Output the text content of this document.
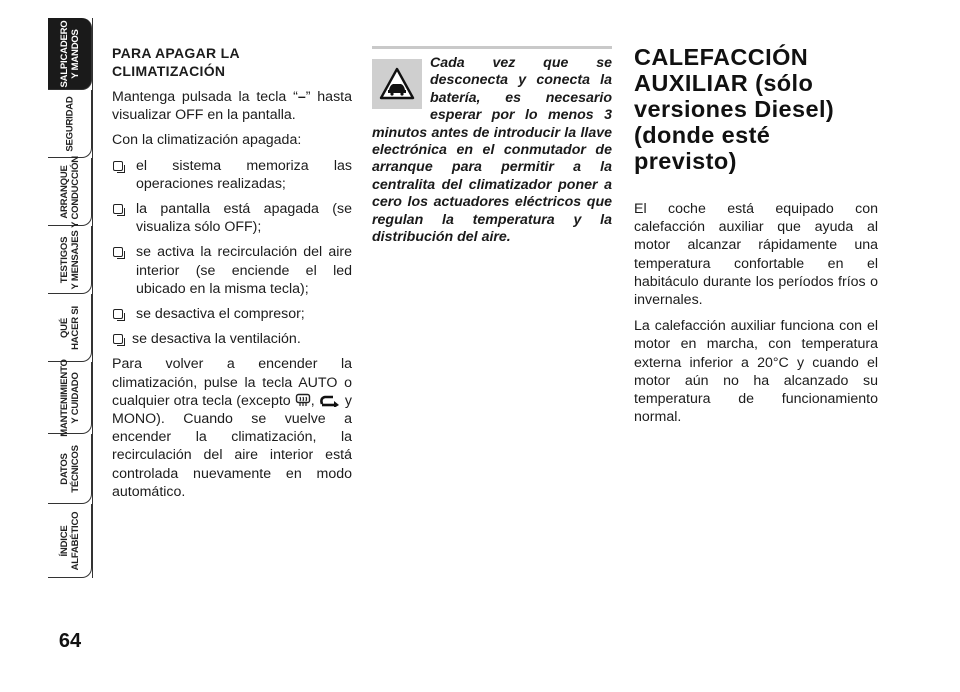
SALPICADERO
Y MANDOS
SEGURIDAD
ARRANQUE
Y CONDUCCIÓN
TESTIGOS
Y MENSAJES
QUÉ
HACER SI
MANTENIMIENTO
Y CUIDADO
DATOS
TÉCNICOS
ÍNDICE
ALFABÉTICO
64
PARA APAGAR LA CLIMATIZACIÓN

Mantenga pulsada la tecla “–” hasta visualizar OFF en la pantalla.

Con la climatización apagada:

el sistema memoriza las operaciones realizadas;
la pantalla está apagada (se visualiza sólo OFF);
se activa la recirculación del aire interior (se enciende el led ubicado en la misma tecla);
se desactiva el compresor;
se desactiva la ventilación.

Para volver a encender la climatización, pulse la tecla AUTO o cualquier otra tecla (excepto , y MONO). Cuando se vuelve a encender la climatización, la recirculación del aire interior está controlada nuevamente en modo automático.

Cada vez que se desconecta y conecta la batería, es necesario esperar por lo menos 3 minutos antes de introducir la llave electrónica en el conmutador de arranque para permitir a la centralita del climatizador poner a cero los actuadores eléctricos que regulan la temperatura y la distribución del aire.
CALEFACCIÓN AUXILIAR (sólo versiones Diesel) (donde esté previsto)

El coche está equipado con calefacción auxiliar que ayuda al motor alcanzar rápidamente una temperatura confortable en el habitáculo durante los períodos fríos o invernales.

La calefacción auxiliar funciona con el motor en marcha, con temperatura externa inferior a 20°C y cuando el motor aún no ha alcanzado su temperatura de funcionamiento normal.
